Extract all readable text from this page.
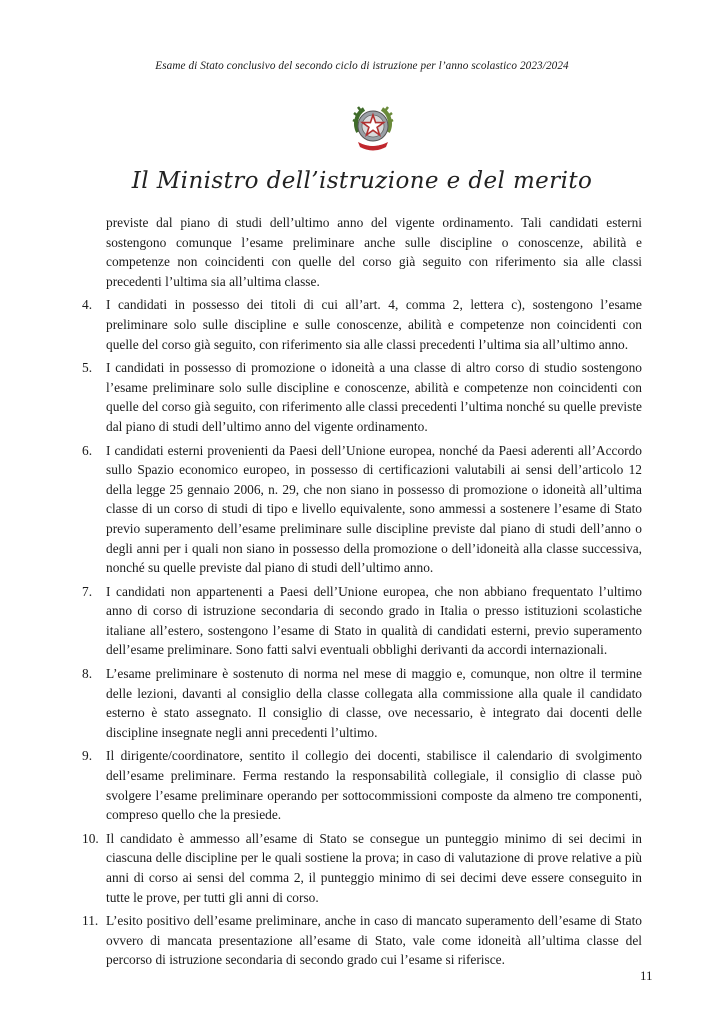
Esame di Stato conclusivo del secondo ciclo di istruzione per l’anno scolastico 2023/2024
Il Ministro dell’istruzione e del merito

previste dal piano di studi dell’ultimo anno del vigente ordinamento. Tali candidati esterni sostengono comunque l’esame preliminare anche sulle discipline o conoscenze, abilità e competenze non coincidenti con quelle del corso già seguito con riferimento sia alle classi precedenti l’ultima sia all’ultima classe.

4. I candidati in possesso dei titoli di cui all’art. 4, comma 2, lettera c), sostengono l’esame preliminare solo sulle discipline e sulle conoscenze, abilità e competenze non coincidenti con quelle del corso già seguito, con riferimento sia alle classi precedenti l’ultima sia all’ultimo anno.
5. I candidati in possesso di promozione o idoneità a una classe di altro corso di studio sostengono l’esame preliminare solo sulle discipline e conoscenze, abilità e competenze non coincidenti con quelle del corso già seguito, con riferimento alle classi precedenti l’ultima nonché su quelle previste dal piano di studi dell’ultimo anno del vigente ordinamento.
6. I candidati esterni provenienti da Paesi dell’Unione europea, nonché da Paesi aderenti all’Accordo sullo Spazio economico europeo, in possesso di certificazioni valutabili ai sensi dell’articolo 12 della legge 25 gennaio 2006, n. 29, che non siano in possesso di promozione o idoneità all’ultima classe di un corso di studi di tipo e livello equivalente, sono ammessi a sostenere l’esame di Stato previo superamento dell’esame preliminare sulle discipline previste dal piano di studi dell’anno o degli anni per i quali non siano in possesso della promozione o dell’idoneità alla classe successiva, nonché su quelle previste dal piano di studi dell’ultimo anno.
7. I candidati non appartenenti a Paesi dell’Unione europea, che non abbiano frequentato l’ultimo anno di corso di istruzione secondaria di secondo grado in Italia o presso istituzioni scolastiche italiane all’estero, sostengono l’esame di Stato in qualità di candidati esterni, previo superamento dell’esame preliminare. Sono fatti salvi eventuali obblighi derivanti da accordi internazionali.
8. L’esame preliminare è sostenuto di norma nel mese di maggio e, comunque, non oltre il termine delle lezioni, davanti al consiglio della classe collegata alla commissione alla quale il candidato esterno è stato assegnato. Il consiglio di classe, ove necessario, è integrato dai docenti delle discipline insegnate negli anni precedenti l’ultimo.
9. Il dirigente/coordinatore, sentito il collegio dei docenti, stabilisce il calendario di svolgimento dell’esame preliminare. Ferma restando la responsabilità collegiale, il consiglio di classe può svolgere l’esame preliminare operando per sottocommissioni composte da almeno tre componenti, compreso quello che la presiede.
10. Il candidato è ammesso all’esame di Stato se consegue un punteggio minimo di sei decimi in ciascuna delle discipline per le quali sostiene la prova; in caso di valutazione di prove relative a più anni di corso ai sensi del comma 2, il punteggio minimo di sei decimi deve essere conseguito in tutte le prove, per tutti gli anni di corso.
11. L’esito positivo dell’esame preliminare, anche in caso di mancato superamento dell’esame di Stato ovvero di mancata presentazione all’esame di Stato, vale come idoneità all’ultima classe del percorso di istruzione secondaria di secondo grado cui l’esame si riferisce.
11
